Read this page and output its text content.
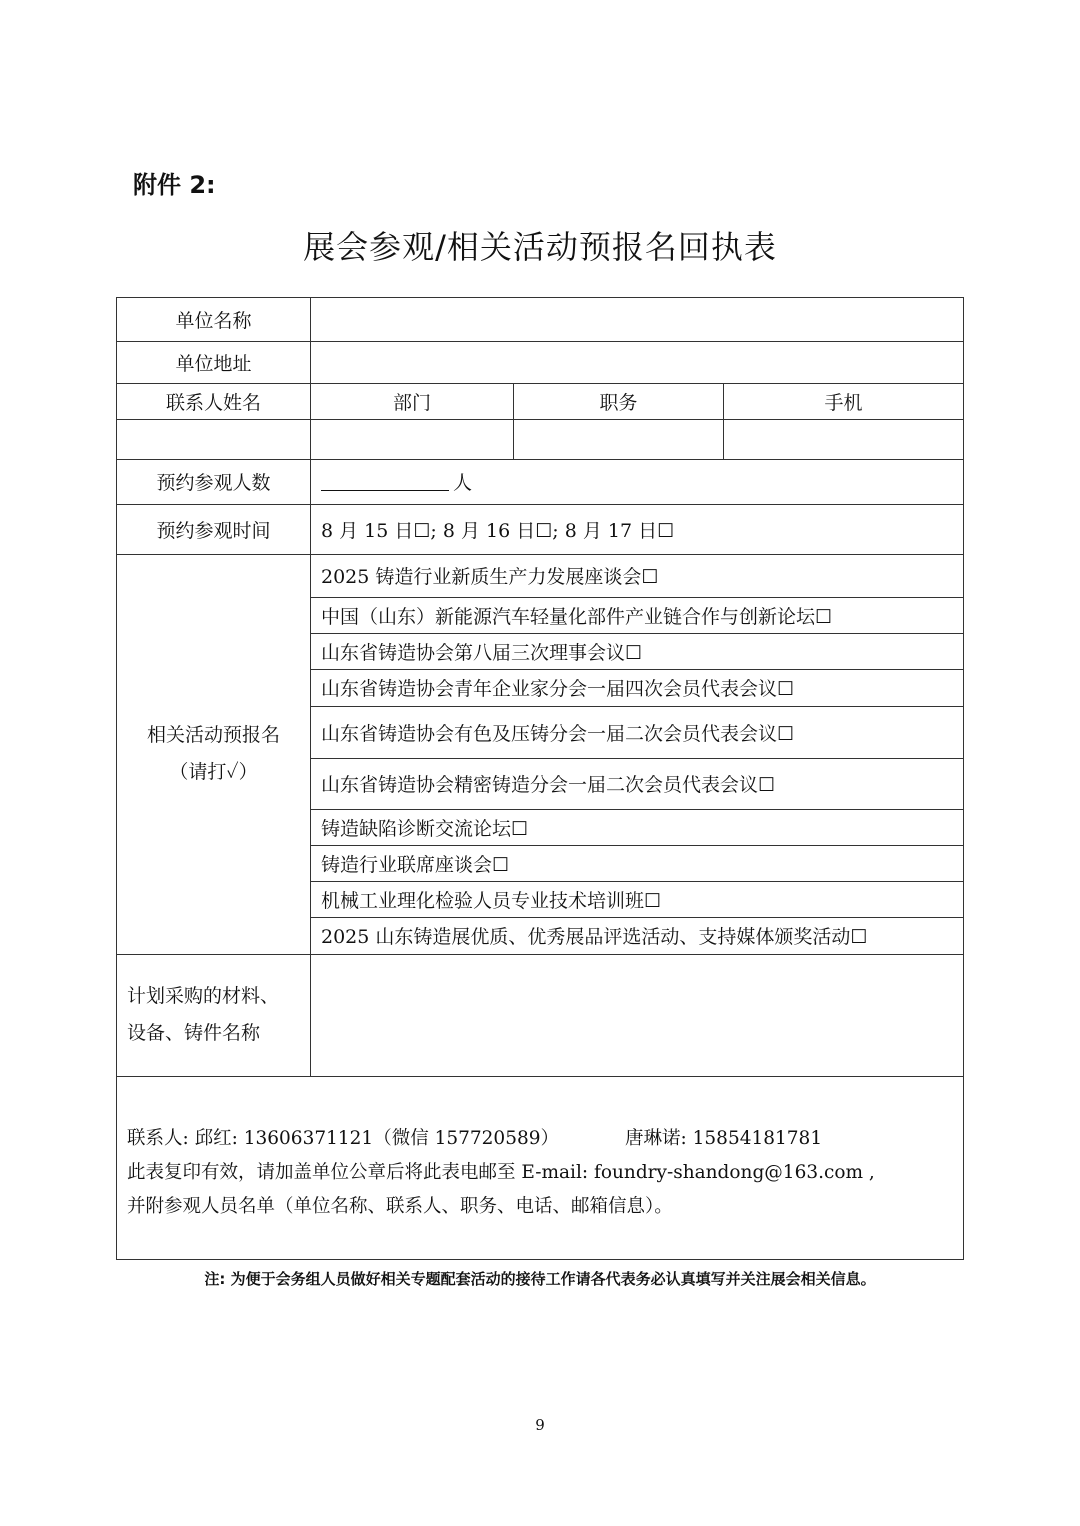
附件 2:
展会参观/相关活动预报名回执表
单位名称
单位地址
联系人姓名	部门	职务	手机
预约参观人数	人
预约参观时间	8 月 15 日☐; 8 月 16 日☐; 8 月 17 日☐
相关活动预报名
（请打✓）
2025 铸造行业新质生产力发展座谈会☐
中国（山东）新能源汽车轻量化部件产业链合作与创新论坛☐
山东省铸造协会第八届三次理事会议☐
山东省铸造协会青年企业家分会一届四次会员代表会议☐
山东省铸造协会有色及压铸分会一届二次会员代表会议☐
山东省铸造协会精密铸造分会一届二次会员代表会议☐
铸造缺陷诊断交流论坛☐
铸造行业联席座谈会☐
机械工业理化检验人员专业技术培训班☐
2025 山东铸造展优质、优秀展品评选活动、支持媒体颁奖活动☐
计划采购的材料、
设备、铸件名称
联系人: 邱红: 13606371121（微信 157720589）	唐琳诺: 15854181781
此表复印有效，请加盖单位公章后将此表电邮至 E-mail: foundry-shandong@163.com ,
并附参观人员名单（单位名称、联系人、职务、电话、邮箱信息）。
注: 为便于会务组人员做好相关专题配套活动的接待工作请各代表务必认真填写并关注展会相关信息。
9
